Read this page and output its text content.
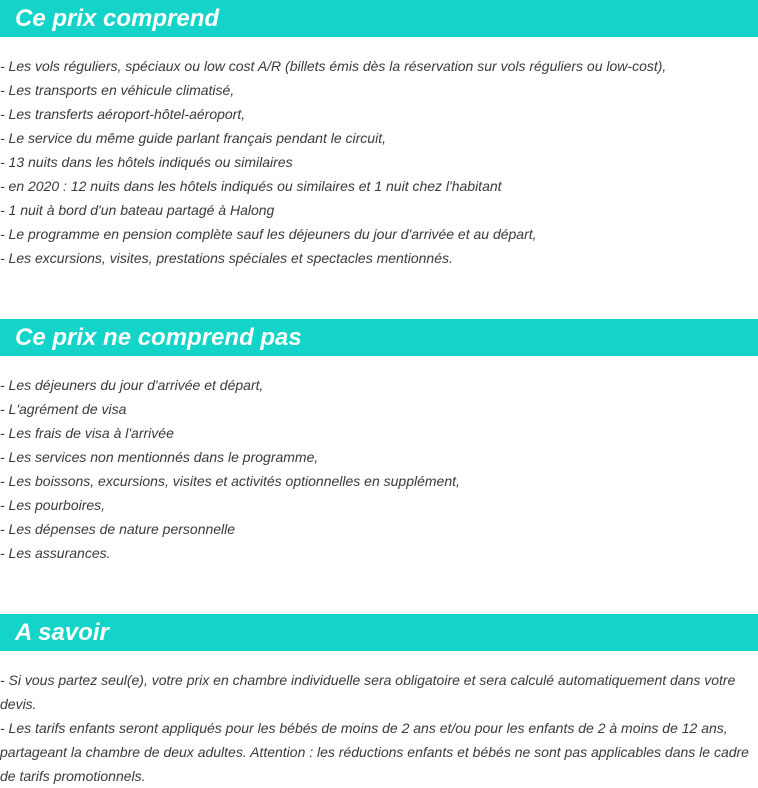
Ce prix comprend
- Les vols réguliers, spéciaux ou low cost A/R (billets émis dès la réservation sur vols réguliers ou low-cost),
- Les transports en véhicule climatisé,
- Les transferts aéroport-hôtel-aéroport,
- Le service du même guide parlant français pendant le circuit,
- 13 nuits dans les hôtels indiqués ou similaires
- en 2020 : 12 nuits dans les hôtels indiqués ou similaires et 1 nuit chez l'habitant
- 1 nuit à bord d'un bateau partagé à Halong
- Le programme en pension complète sauf les déjeuners du jour d'arrivée et au départ,
- Les excursions, visites, prestations spéciales et spectacles mentionnés.
Ce prix ne comprend pas
- Les déjeuners du jour d'arrivée et départ,
- L'agrément de visa
- Les frais de visa à l'arrivée
- Les services non mentionnés dans le programme,
- Les boissons, excursions, visites et activités optionnelles en supplément,
- Les pourboires,
- Les dépenses de nature personnelle
- Les assurances.
A savoir

- Si vous partez seul(e), votre prix en chambre individuelle sera obligatoire et sera calculé automatiquement dans votre devis.

- Les tarifs enfants seront appliqués pour les bébés de moins de 2 ans et/ou pour les enfants de 2 à moins de 12 ans, partageant la chambre de deux adultes. Attention : les réductions enfants et bébés ne sont pas applicables dans le cadre de tarifs promotionnels.
